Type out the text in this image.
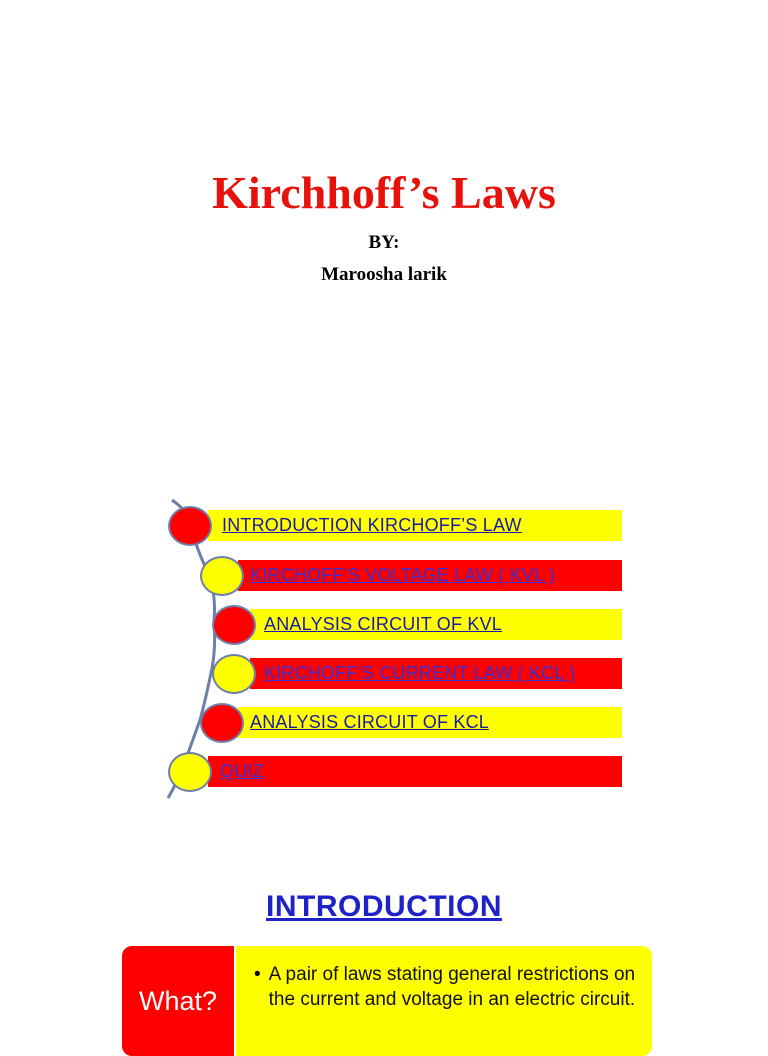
Kirchhoff’s Laws
BY:
Maroosha larik
INTRODUCTION KIRCHOFF’S LAW
KIRCHOFF’S VOLTAGE LAW ( KVL )
ANALYSIS CIRCUIT OF KVL
KIRCHOFF’S CURRENT LAW ( KCL )
ANALYSIS CIRCUIT OF KCL
QUIZ
INTRODUCTION
What?
• A pair of laws stating general restrictions on the current and voltage in an electric circuit.
